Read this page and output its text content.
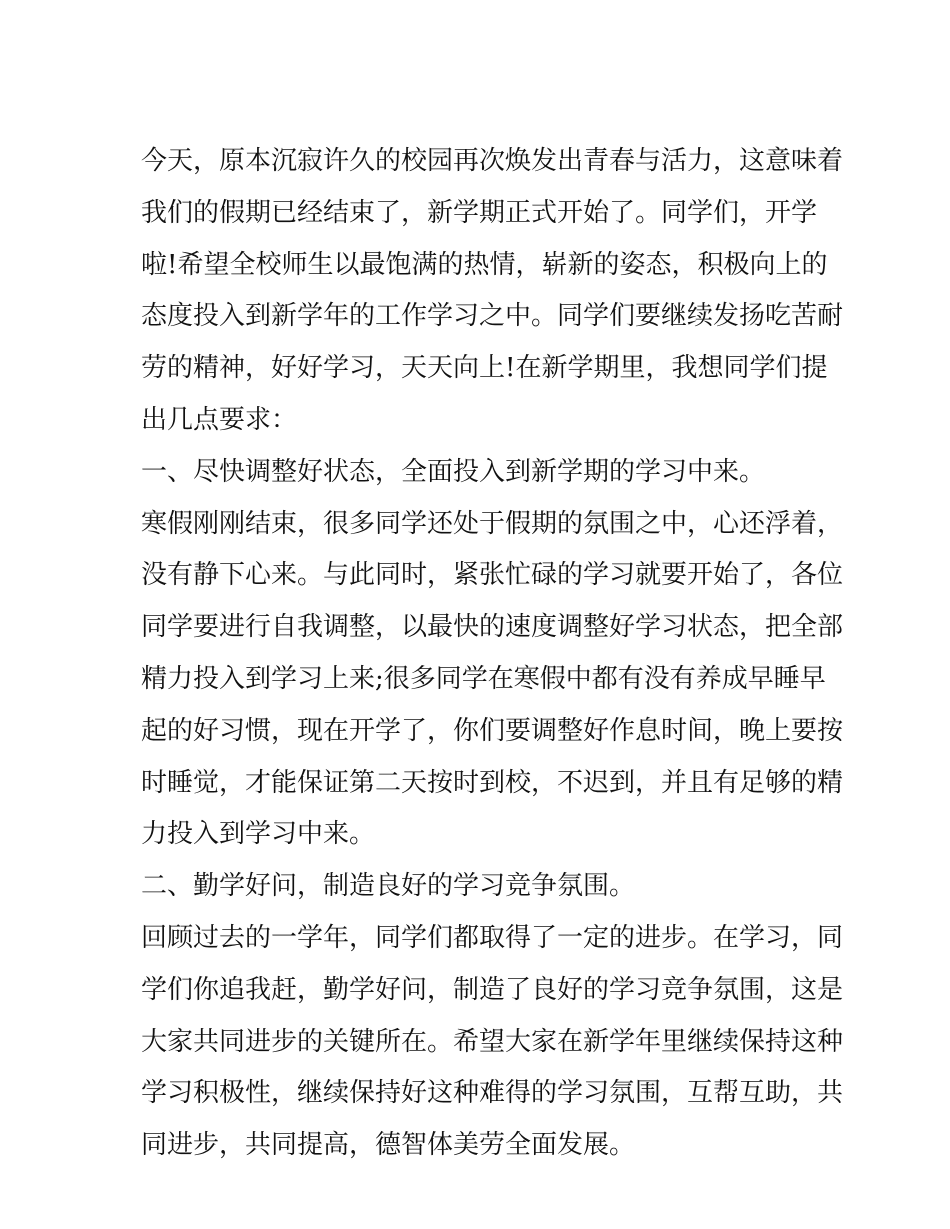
今天，原本沉寂许久的校园再次焕发出青春与活力，这意味着
我们的假期已经结束了，新学期正式开始了。同学们，开学
啦!希望全校师生以最饱满的热情，崭新的姿态，积极向上的
态度投入到新学年的工作学习之中。同学们要继续发扬吃苦耐
劳的精神，好好学习，天天向上!在新学期里，我想同学们提
出几点要求：
一、尽快调整好状态，全面投入到新学期的学习中来。
寒假刚刚结束，很多同学还处于假期的氛围之中，心还浮着，
没有静下心来。与此同时，紧张忙碌的学习就要开始了，各位
同学要进行自我调整，以最快的速度调整好学习状态，把全部
精力投入到学习上来;很多同学在寒假中都有没有养成早睡早
起的好习惯，现在开学了，你们要调整好作息时间，晚上要按
时睡觉，才能保证第二天按时到校，不迟到，并且有足够的精
力投入到学习中来。
二、勤学好问，制造良好的学习竞争氛围。
回顾过去的一学年，同学们都取得了一定的进步。在学习，同
学们你追我赶，勤学好问，制造了良好的学习竞争氛围，这是
大家共同进步的关键所在。希望大家在新学年里继续保持这种
学习积极性，继续保持好这种难得的学习氛围，互帮互助，共
同进步，共同提高，德智体美劳全面发展。
